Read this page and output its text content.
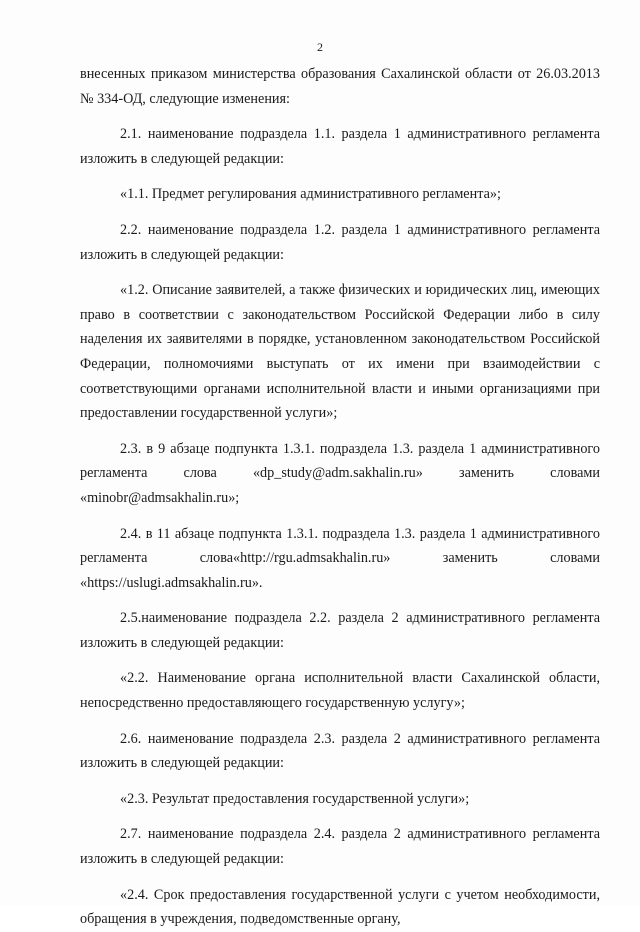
2

внесенных приказом министерства образования Сахалинской области от 26.03.2013 № 334-ОД, следующие изменения:

2.1. наименование подраздела 1.1. раздела 1 административного регламента изложить в следующей редакции:

«1.1. Предмет регулирования административного регламента»;

2.2. наименование подраздела 1.2. раздела 1 административного регламента изложить в следующей редакции:

«1.2. Описание заявителей, а также физических и юридических лиц, имеющих право в соответствии с законодательством Российской Федерации либо в силу наделения их заявителями в порядке, установленном законодательством Российской Федерации, полномочиями выступать от их имени при взаимодействии с соответствующими органами исполнительной власти и иными организациями при предоставлении государственной услуги»;

2.3. в 9 абзаце подпункта 1.3.1. подраздела 1.3. раздела 1 административного регламента слова «dp_study@adm.sakhalin.ru» заменить словами «minobr@admsakhalin.ru»;

2.4. в 11 абзаце подпункта 1.3.1. подраздела 1.3. раздела 1 административного регламента слова«http://rgu.admsakhalin.ru» заменить словами «https://uslugi.admsakhalin.ru».

2.5.наименование подраздела 2.2. раздела 2 административного регламента изложить в следующей редакции:

«2.2. Наименование органа исполнительной власти Сахалинской области, непосредственно предоставляющего государственную услугу»;

2.6. наименование подраздела 2.3. раздела 2 административного регламента изложить в следующей редакции:

«2.3. Результат предоставления государственной услуги»;

2.7. наименование подраздела 2.4. раздела 2 административного регламента изложить в следующей редакции:

«2.4. Срок предоставления государственной услуги с учетом необходимости, обращения в учреждения, подведомственные органу,
